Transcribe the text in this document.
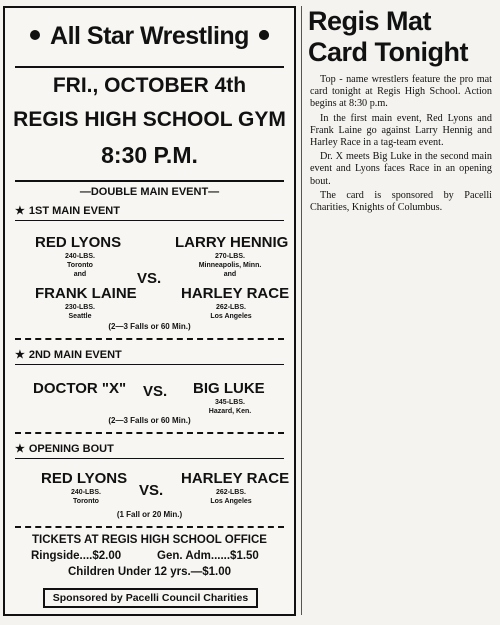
All Star Wrestling
FRI., OCTOBER 4th
REGIS HIGH SCHOOL GYM
8:30 P.M.
—DOUBLE MAIN EVENT—
★ 1ST MAIN EVENT
RED LYONS
240-LBS.
Toronto
and
FRANK LAINE
230-LBS.
Seattle
VS.
LARRY HENNIG
270-LBS.
Minneapolis, Minn.
and
HARLEY RACE
262-LBS.
Los Angeles
(2—3 Falls or 60 Min.)
★ 2ND MAIN EVENT
DOCTOR "X" VS. BIG LUKE
345-LBS.
Hazard, Ken.
(2—3 Falls or 60 Min.)
★ OPENING BOUT
RED LYONS
240-LBS.
Toronto
VS.
HARLEY RACE
262-LBS.
Los Angeles
(1 Fall or 20 Min.)
TICKETS AT REGIS HIGH SCHOOL OFFICE
Ringside....$2.00	Gen. Adm......$1.50
Children Under 12 yrs.—$1.00
Sponsored by Pacelli Council Charities
Regis Mat
Card Tonight

Top - name wrestlers feature the pro mat card tonight at Regis High School. Action begins at 8:30 p.m.

In the first main event, Red Lyons and Frank Laine go against Larry Hennig and Harley Race in a tag-team event.

Dr. X meets Big Luke in the second main event and Lyons faces Race in an opening bout.

The card is sponsored by Pacelli Charities, Knights of Columbus.
